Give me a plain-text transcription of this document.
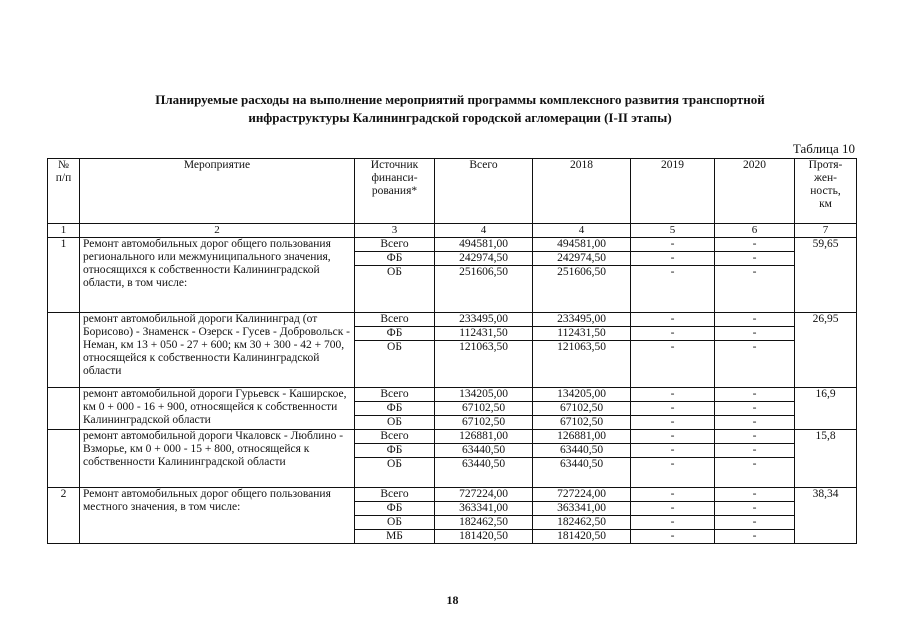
Планируемые расходы на выполнение мероприятий программы комплексного развития транспортной
инфраструктуры Калининградской городской агломерации (I-II этапы)
Таблица 10
№
п/п	Мероприятие	Источник
финанси-
рования*	Всего	2018	2019	2020	Протя-
жен-
ность,
км
1	2	3	4	4	5	6	7
1	Ремонт автомобильных дорог общего пользования регионального или межмуниципального значения, относящихся к собственности Калининградской области, в том числе:	Всего	494581,00	494581,00	-	-	59,65
		ФБ	242974,50	242974,50	-	-	
		ОБ	251606,50	251606,50	-	-	
	ремонт автомобильной дороги Калининград (от Борисово) - Знаменск - Озерск - Гусев - Добровольск - Неман, км 13 + 050 - 27 + 600; км 30 + 300 - 42 + 700, относящейся к собственности Калининградской области	Всего	233495,00	233495,00	-	-	26,95
		ФБ	112431,50	112431,50	-	-	
		ОБ	121063,50	121063,50	-	-	
	ремонт автомобильной дороги Гурьевск - Каширское, км 0 + 000 - 16 + 900, относящейся к собственности Калининградской области	Всего	134205,00	134205,00	-	-	16,9
		ФБ	67102,50	67102,50	-	-	
		ОБ	67102,50	67102,50	-	-	
	ремонт автомобильной дороги Чкаловск - Люблино - Взморье, км 0 + 000 - 15 + 800, относящейся к собственности Калининградской области	Всего	126881,00	126881,00	-	-	15,8
		ФБ	63440,50	63440,50	-	-	
		ОБ	63440,50	63440,50	-	-	
2	Ремонт автомобильных дорог общего пользования местного значения, в том числе:	Всего	727224,00	727224,00	-	-	38,34
		ФБ	363341,00	363341,00	-	-	
		ОБ	182462,50	182462,50	-	-	
		МБ	181420,50	181420,50	-	-	
18
